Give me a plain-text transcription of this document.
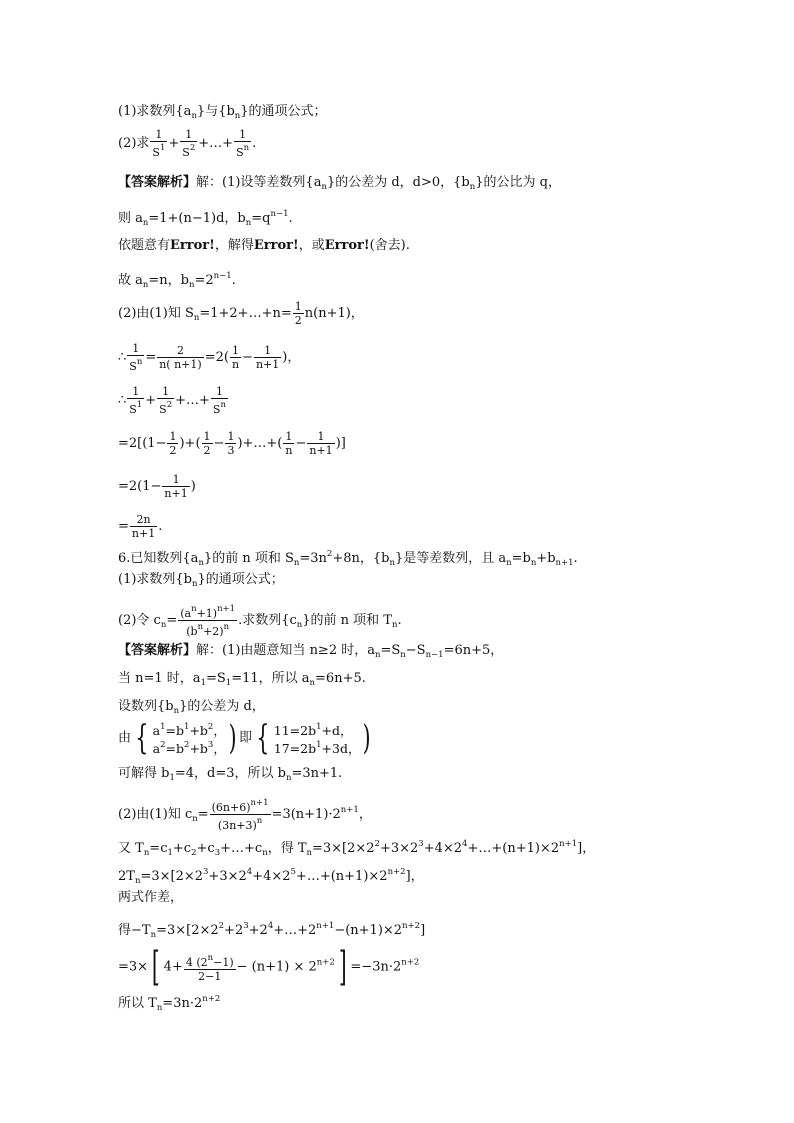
(1)求数列$\{a_n\}$与$\{b_n\}$的通项公式；
(2)求 $\frac{1}{S^1} + \frac{1}{S^2}$ +…+ $\frac{1}{S^n}$ .
【答案解析】解：(1)设等差数列$\{a_n\}$的公差为 d，d>0，$\{b_n\}$的公比为 q，
则 $a_n=1+(n-1)d$，$b_n=q^{n-1}$.
依题意有Error!，解得Error!，或Error!(舍去).
故 $a_n=n$，$b_n=2^{n-1}$.
(2)由(1)知 $S_n=1+2+\dots+n= \frac{1}{2} n(n+1)$，
∴ $\frac{1}{S^n} = \frac{2}{n( n+1)} =2( \frac{1}{n} - \frac{1}{n+1}$ )，
∴ $\frac{1}{S^1} + \frac{1}{S^2}$ +…+ $\frac{1}{S^n}$
$=2[(1- \frac{1}{2}$ )+( $\frac{1}{2} - \frac{1}{3}$ )+…+( $\frac{1}{n} - \frac{1}{n+1}$ )]
$=2(1- \frac{1}{n+1}$ )
= $\frac{2n}{n+1}$ .
6.已知数列$\{a_n\}$的前 n 项和 $S_n=3n^2+8n$，$\{b_n\}$是等差数列，且 $a_n=b_n+b_{n+1}$.
(1)求数列$\{b_n\}$的通项公式；
(2)令 $c_n= \frac{(a^n+1)^{n+1}}{(b^n+2)^n}$ .求数列$\{c_n\}$的前 n 项和 $T_n$.
【答案解析】解：(1)由题意知当 n≥2 时，$a_n=S_n-S_{n-1}=6n+5$，
当 n=1 时，$a_1=S_1=11$，所以 $a_n=6n+5$.
设数列$\{b_n\}$的公差为 d，
由 { $a^1=b^1+b^2$，
$a^2=b^2+b^3$， ) 即 { $11=2b^1+d$，
$17=2b^1+3d$， )
可解得 $b_1=4$，d=3，所以 $b_n=3n+1$.
(2)由(1)知 $c_n= \frac{(6n+6)^{n+1}}{(3n+3)^n} =3(n+1)\cdot 2^{n+1}$，
又 $T_n=c_1+c_2+c_3+\dots+c_n$，得 $T_n=3\times[2\times 2^2+3\times 2^3+4\times 2^4+\dots+(n+1)\times 2^{n+1}]$，
$2T_n=3\times[2\times 2^3+3\times 2^4+4\times 2^5+\dots+(n+1)\times 2^{n+2}]$，
两式作差，
得$-T_n=3\times[2\times 2^2+2^3+2^4+\dots+2^{n+1}-(n+1)\times 2^{n+2}]$
=3×[ $4+ \frac{4 (2^n-1)}{2-1} - (n+1) \times 2^{n+2}] =-3n\cdot 2^{n+2}$
所以 $T_n=3n\cdot 2^{n+2}$
